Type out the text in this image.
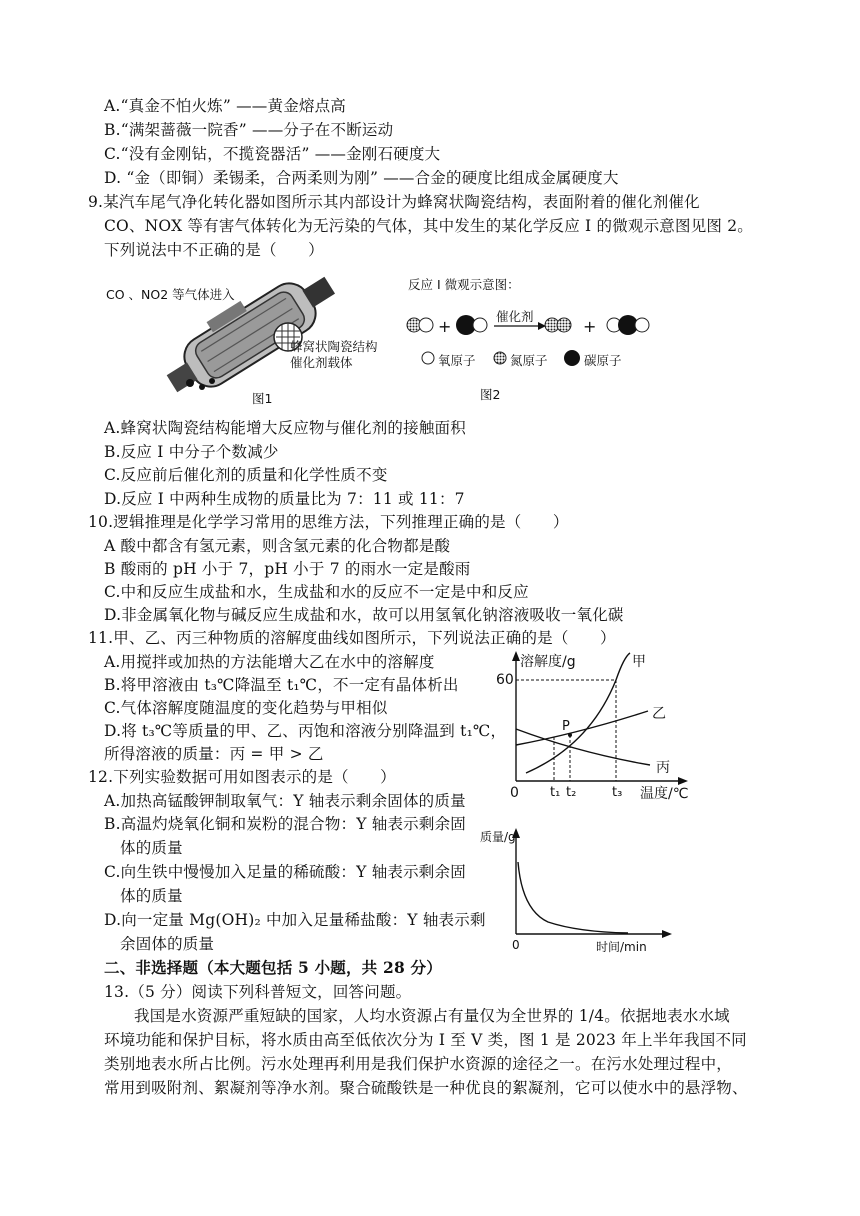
A.“真金不怕火炼” ——黄金熔点高
B.“满架蔷薇一院香” ——分子在不断运动
C.“没有金刚钻，不揽瓷器活” ——金刚石硬度大
D. “金（即铜）柔锡柔，合两柔则为刚” ——合金的硬度比组成金属硬度大
9.某汽车尾气净化转化器如图所示其内部设计为蜂窝状陶瓷结构，表面附着的催化剂催化
CO、NOX 等有害气体转化为无污染的气体，其中发生的某化学反应 Ⅰ 的微观示意图见图 2。
下列说法中不正确的是（　　）
CO 、NO2 等气体进入
蜂窝状陶瓷结构
催化剂载体
图1
反应 I 微观示意图：
+
催化剂
+
氧原子	氮原子	碳原子
图2
A.蜂窝状陶瓷结构能增大反应物与催化剂的接触面积
B.反应 Ⅰ 中分子个数减少
C.反应前后催化剂的质量和化学性质不变
D.反应 Ⅰ 中两种生成物的质量比为 7：11 或 11：7
10.逻辑推理是化学学习常用的思维方法，下列推理正确的是（　　）
A 酸中都含有氢元素，则含氢元素的化合物都是酸
B 酸雨的 pH 小于 7，pH 小于 7 的雨水一定是酸雨
C.中和反应生成盐和水，生成盐和水的反应不一定是中和反应
D.非金属氧化物与碱反应生成盐和水，故可以用氢氧化钠溶液吸收一氧化碳
11.甲、乙、丙三种物质的溶解度曲线如图所示，下列说法正确的是（　　）
A.用搅拌或加热的方法能增大乙在水中的溶解度
B.将甲溶液由 t₃℃降温至 t₁℃，不一定有晶体析出
C.气体溶解度随温度的变化趋势与甲相似
D.将 t₃℃等质量的甲、乙、丙饱和溶液分别降温到 t₁℃，
所得溶液的质量：丙 = 甲 > 乙
溶解度/g
60
0 t₁ t₂	t₃ 温度/℃
P
甲
乙
丙
12.下列实验数据可用如图表示的是（　　）
A.加热高锰酸钾制取氧气：Y 轴表示剩余固体的质量
B.高温灼烧氧化铜和炭粉的混合物：Y 轴表示剩余固
体的质量
C.向生铁中慢慢加入足量的稀硫酸：Y 轴表示剩余固
体的质量
D.向一定量 Mg(OH)₂ 中加入足量稀盐酸：Y 轴表示剩
余固体的质量
质量/g
0	时间/min
二、非选择题（本大题包括 5 小题，共 28 分）
13.（5 分）阅读下列科普短文，回答问题。
我国是水资源严重短缺的国家，人均水资源占有量仅为全世界的 1/4。依据地表水水域
环境功能和保护目标，将水质由高至低依次分为 Ⅰ 至 Ⅴ 类，图 1 是 2023 年上半年我国不同
类别地表水所占比例。污水处理再利用是我们保护水资源的途径之一。在污水处理过程中，
常用到吸附剂、絮凝剂等净水剂。聚合硫酸铁是一种优良的絮凝剂，它可以使水中的悬浮物、
